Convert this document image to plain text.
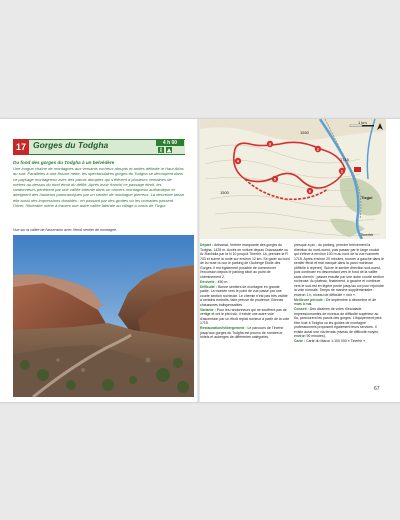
17 Gorges du Todgha	4 h 00
Du fond des gorges du Todgha à un belvédère

Une longue chaîne de montagnes aux versants rocheux abrupts et arides délimite le Haut Atlas au sud. Parallèles à une fissure nette, les spectaculaires gorges du Todgha se découpent dans ce paysage montagneux avec des parois abruptes qui s'élèvent à plusieurs centaines de mètres au-dessus du fond étroit du défilé. Après avoir franchi ce passage étroit, les randonneurs pénètrent par une vallée latérale dans un univers montagneux authentique et atteignent des hauteurs panoramiques par un sentier de montagne pierreux. La descente laisse elle aussi des impressions durables : en passant par des grottes où les nomades passent l'hiver, l'itinéraire mène à travers une autre vallée latérale au village-o-oasis de Tizgui.

Vue sur la vallée de l'ascension avec l'étroit sentier de montagne.
1
2
3
4
5
6
Tizgui
Tinerhir
1550
1500
1715
1 km

Départ : Artisanat, l'entrée marquante des gorges du Todgha, 1425 m. Accès en voiture depuis Ouarzazate ou Ar-Rachidia par la N 10 jusqu'à Tinerhir. Là, prendre la R 703 et suivre la route sur environ 12 km. Se garer au bord de la route ou sur le parking de l'Auberge Etoile des Gorges. Il est également possible de commencer l'excursion depuis le parking situé au point de cheminement 2.

Dénivelé : 450 m.

Difficulté : Bonne sentiers de montagne en grande partie. La montée vers le point de vue passe par une courte section rocheuse. Le chemin n'est pas très visible à certains endroits, faire preuve de prudence. Bonnes chaussures indispensables.

Variante : Pour les randonneurs qui ne souffrent pas de vertige et ont le pied sûr, il existe une autre voie d'ascension par un étroit replat rocheux à partir de la cote 1715.

Restauration/hébergement : Le parcours de Tinerhir jusqu'aux gorges du Todgha est pourvu de nombreux hôtels et auberges de différentes catégories.

presque à pic ; du parking, prendre brièvement la direction du nord-ouest, puis passer par le large couloir qui s'élève à environ 100 m au nord de la vue nommée 1715. Après environ 20 minutes, tourner à gauche dans le sentier étroit et mal marqué dans la paroi rocheuse (difficile à repérer). Suivre le sentier direction sud-ouest, puis continuer en descendant vers le fond de la vallée sans chemin ; passer ensuite par une autre courte section rocheuse. Au plateau, finalement, à gauche et continuer vers le sud-est en légère pente jusqu'au col pour rejoindre la voie normale. Temps de marche supplémentaire : environ 1 h, niveau de difficulté « noir ».

Meilleure période : De septembre à décembre et de mars à mai.

Conseil : Des dizaines de voies d'escalade impressionnantes de niveaux de difficulté supérieur au 6a, parcourent les parois des gorges. L'équipement peut être loué à Todgha où les guides de montagne professionnels proposent également leurs services. Il existe aussi une via ferrata (niveau de difficulté moyen, environ 90 minutes).

Carte : Carte du Maroc 1:100 000 « Tinerhir ».

67
